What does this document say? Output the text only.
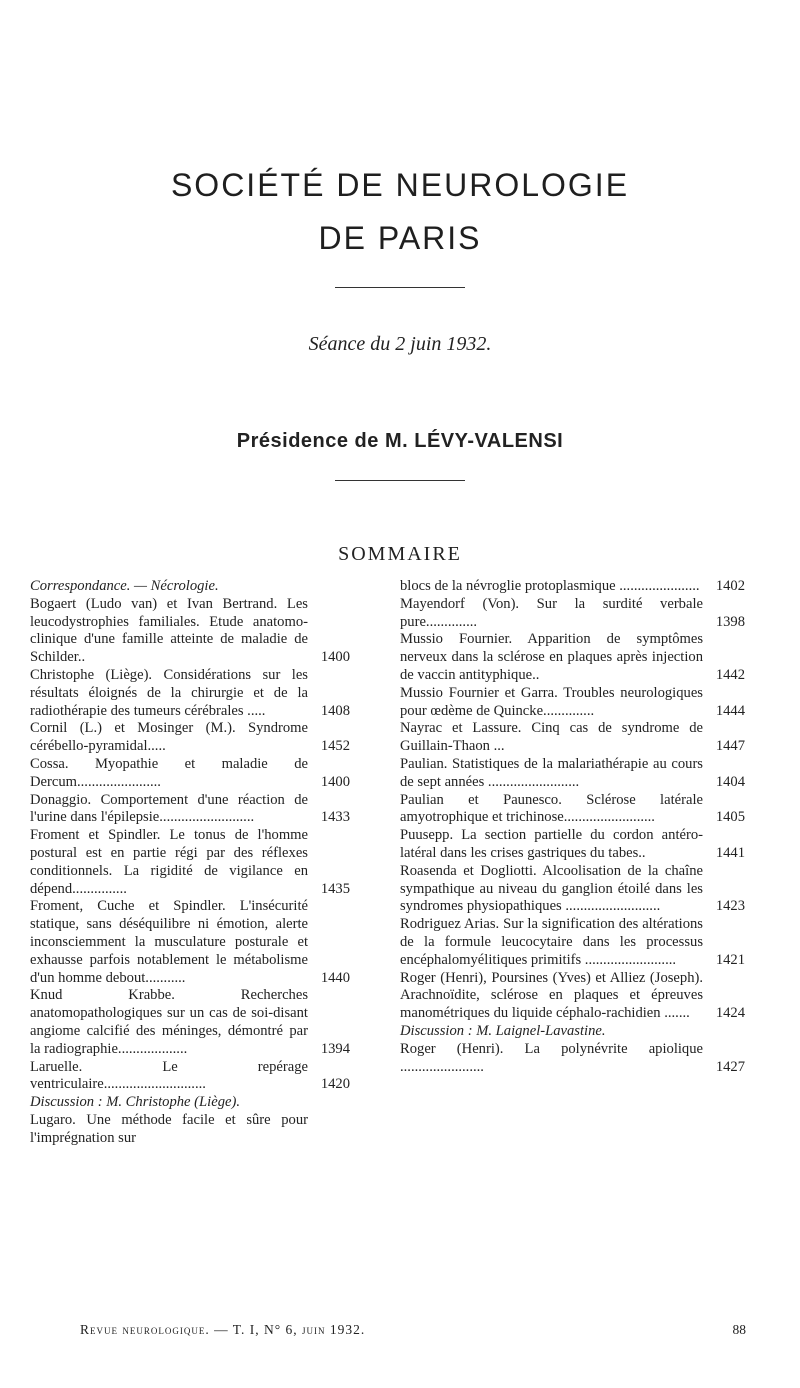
SOCIÉTÉ DE NEUROLOGIE
DE PARIS
Séance du 2 juin 1932.
Présidence de M. LÉVY-VALENSI
SOMMAIRE
Correspondance. — Nécrologie.
Bogaert (Ludo van) et Ivan Bertrand. Les leucodystrophies familiales. Etude anatomo-clinique d'une famille atteinte de maladie de Schilder..	1400
Christophe (Liège). Considérations sur les résultats éloignés de la chirurgie et de la radiothérapie des tumeurs cérébrales .....	1408
Cornil (L.) et Mosinger (M.). Syndrome cérébello-pyramidal.....	1452
Cossa. Myopathie et maladie de Dercum.......................	1400
Donaggio. Comportement d'une réaction de l'urine dans l'épilepsie..........................	1433
Froment et Spindler. Le tonus de l'homme postural est en partie régi par des réflexes conditionnels. La rigidité de vigilance en dépend...............	1435
Froment, Cuche et Spindler. L'insécurité statique, sans déséquilibre ni émotion, alerte inconsciemment la musculature posturale et exhausse parfois notablement le métabolisme d'un homme debout...........	1440
Knud Krabbe. Recherches anatomopathologiques sur un cas de soi-disant angiome calcifié des méninges, démontré par la radiographie...................	1394
Laruelle. Le repérage ventriculaire............................	1420
Discussion : M. Christophe (Liège).
Lugaro. Une méthode facile et sûre pour l'imprégnation sur
blocs de la névroglie protoplasmique ......................	1402
Mayendorf (Von). Sur la surdité verbale pure..............	1398
Mussio Fournier. Apparition de symptômes nerveux dans la sclérose en plaques après injection de vaccin antityphique..	1442
Mussio Fournier et Garra. Troubles neurologiques pour œdème de Quincke..............	1444
Nayrac et Lassure. Cinq cas de syndrome de Guillain-Thaon ...	1447
Paulian. Statistiques de la malariathérapie au cours de sept années .........................	1404
Paulian et Paunesco. Sclérose latérale amyotrophique et trichinose.........................	1405
Puusepp. La section partielle du cordon antéro-latéral dans les crises gastriques du tabes..	1441
Roasenda et Dogliotti. Alcoolisation de la chaîne sympathique au niveau du ganglion étoilé dans les syndromes physiopathiques ..........................	1423
Rodriguez Arias. Sur la signification des altérations de la formule leucocytaire dans les processus encéphalomyélitiques primitifs .........................	1421
Roger (Henri), Poursines (Yves) et Alliez (Joseph). Arachnoïdite, sclérose en plaques et épreuves manométriques du liquide céphalo-rachidien .......	1424
Discussion : M. Laignel-Lavastine.
Roger (Henri). La polynévrite apiolique .......................	1427
Revue neurologique. — T. I, N° 6, juin 1932.	88
